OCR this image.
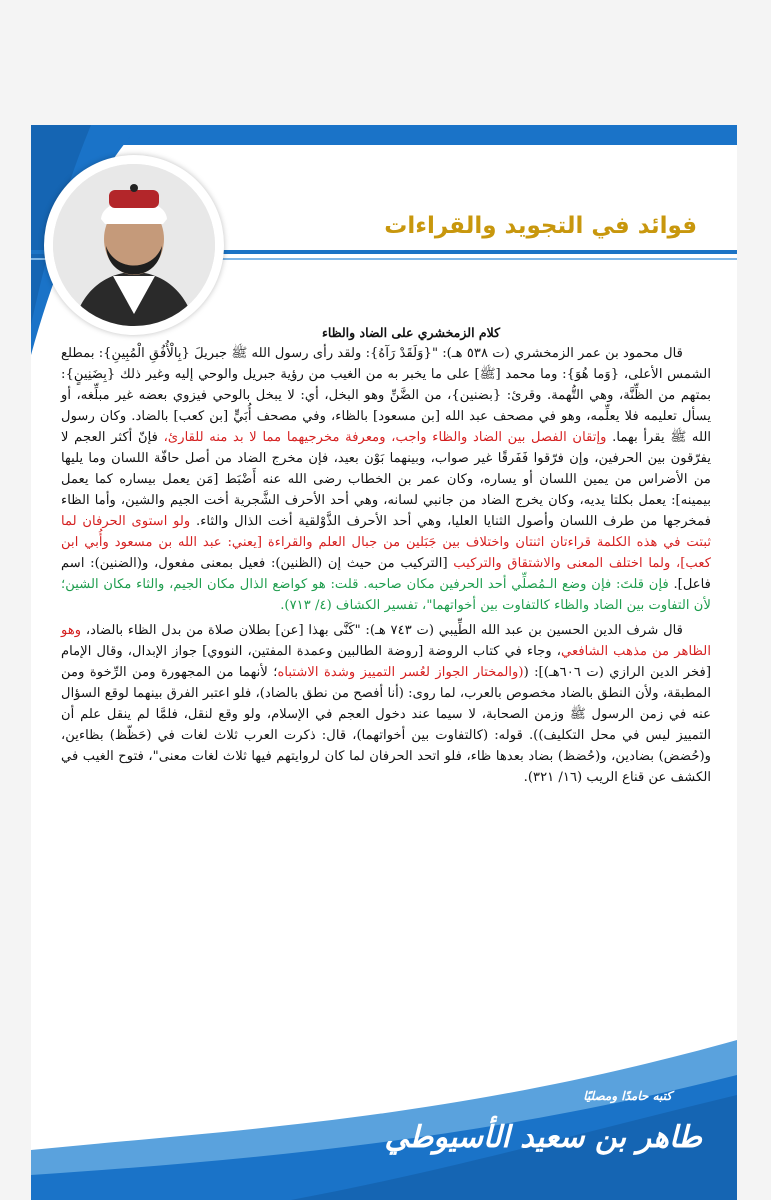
فوائد في التجويد والقراءات
كلام الزمخشري على الضاد والظاء

قال محمود بن عمر الزمخشري (ت ٥٣٨ هـ): "{وَلَقَدْ رَآهُ}: ولقد رأى رسول الله ﷺ جبريلَ {بِالْأُفُقِ الْمُبِينِ}: بمطلع الشمس الأعلى، {وَما هُوَ}: وما محمد [ﷺ] على ما يخبر به من الغيب من رؤية جبريل والوحي إليه وغير ذلك {بِضَنِينٍ}: بمتهم من الظِّنَّة، وهي التُّهمة. وقرئ: {بضنين}، من الضَّنِّ وهو البخل، أي: لا يبخل بالوحي فيزوي بعضه غير مبلِّغه، أو يسأل تعليمه فلا يعلِّمه، وهو في مصحف عبد الله [بن مسعود] بالظاء، وفي مصحف أُبَيٍّ [بن كعب] بالضاد. وكان رسول الله ﷺ يقرأ بهما. وإتقان الفصل بين الضاد والظاء واجب، ومعرفة مخرجيهما مما لا بد منه للقارئ، فإنّ أكثر العجم لا يفرّقون بين الحرفين، وإن فرّقوا فَفَرقًا غير صواب، وبينهما بَوْن بعيد، فإن مخرج الضاد من أصل حافّة اللسان وما يليها من الأضراس من يمين اللسان أو يساره، وكان عمر بن الخطاب رضى الله عنه أَضْبَط [مَن يعمل بيساره كما يعمل بيمينه]: يعمل بكلتا يديه، وكان يخرج الضاد من جانبي لسانه، وهي أحد الأحرف الشَّجرية أخت الجيم والشين، وأما الظاء فمخرجها من طرف اللسان وأصول الثنايا العليا، وهي أحد الأحرف الذَّوْلقية أخت الذال والثاء. ولو استوى الحرفان لما ثبتت في هذه الكلمة قراءتان اثنتان واختلاف بين جَبَلين من جبال العلم والقراءة [يعني: عبد الله بن مسعود وأُبي ابن كعب]، ولما اختلف المعنى والاشتقاق والتركيب [التركيب من حيث إن (الظنين): فعيل بمعنى مفعول، و(الضنين): اسم فاعل]. فإن قلتَ: فإن وضع الـمُصلِّي أحد الحرفين مكان صاحبه. قلت: هو كواضع الذال مكان الجيم، والثاء مكان الشين؛ لأن التفاوت بين الضاد والظاء كالتفاوت بين أخواتهما"، تفسير الكشاف (٤/ ٧١٣).

قال شرف الدين الحسين بن عبد الله الطِّيبي (ت ٧٤٣ هـ): "كَنَّى بهذا [عن] بطلان صلاة من بدل الظاء بالضاد، وهو الظاهر من مذهب الشافعي، وجاء في كتاب الروضة [روضة الطالبين وعمدة المفتين، النووي] جواز الإبدال، وقال الإمام [فخر الدين الرازي (ت ٦٠٦هـ)]: ((والمختار الجواز لعُسر التمييز وشدة الاشتباه؛ لأنهما من المجهورة ومن الرِّخوة ومن المطبقة، ولأن النطق بالضاد مخصوص بالعرب، لما روى: (أنا أفصح من نطق بالضاد)، فلو اعتبر الفرق بينهما لوقع السؤال عنه في زمن الرسول ﷺ وزمن الصحابة، لا سيما عند دخول العجم في الإسلام، ولو وقع لنقل، فلمَّا لم ينقل علم أن التمييز ليس في محل التكليف)). قوله: (كالتفاوت بين أخواتهما)، قال: ذكرت العرب ثلاث لغات في (حَظّظ) بظاءين، و(حُضض) بضادين، و(حُضظ) بضاد بعدها ظاء، فلو اتحد الحرفان لما كان لروايتهم فيها ثلاث لغات معنى"، فتوح الغيب في الكشف عن قناع الريب (١٦/ ٣٢١).

كتبه حامدًا ومصليًا
طاهر بن سعيد الأسيوطي
